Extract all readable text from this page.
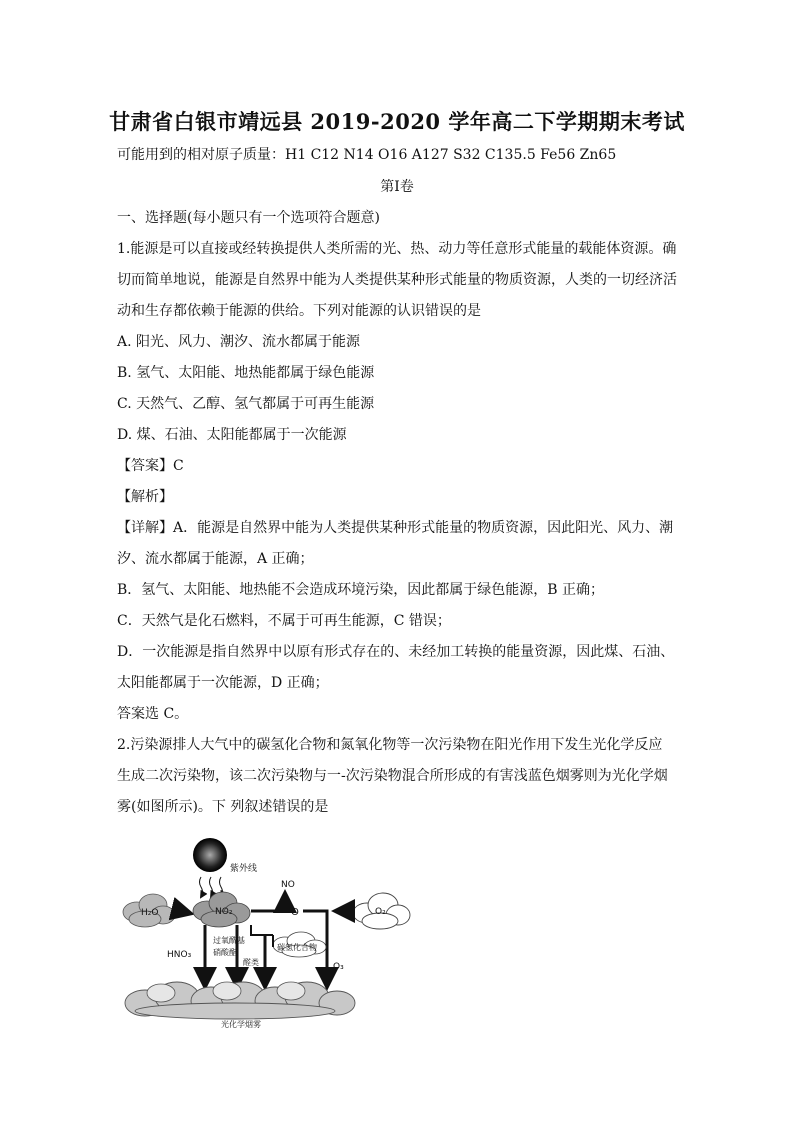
甘肃省白银市靖远县 2019-2020 学年高二下学期期末考试
可能用到的相对原子质量：H1 C12 N14 O16 A127 S32 C135.5 Fe56 Zn65
第Ⅰ卷
一、选择题(每小题只有一个选项符合题意)
1.能源是可以直接或经转换提供人类所需的光、热、动力等任意形式能量的载能体资源。确
切而简单地说，能源是自然界中能为人类提供某种形式能量的物质资源，人类的一切经济活
动和生存都依赖于能源的供给。下列对能源的认识错误的是
A. 阳光、风力、潮汐、流水都属于能源
B. 氢气、太阳能、地热能都属于绿色能源
C. 天然气、乙醇、氢气都属于可再生能源
D. 煤、石油、太阳能都属于一次能源
【答案】C
【解析】
【详解】A．能源是自然界中能为人类提供某种形式能量的物质资源，因此阳光、风力、潮
汐、流水都属于能源，A 正确；
B．氢气、太阳能、地热能不会造成环境污染，因此都属于绿色能源，B 正确；
C．天然气是化石燃料，不属于可再生能源，C 错误；
D．一次能源是指自然界中以原有形式存在的、未经加工转换的能量资源，因此煤、石油、
太阳能都属于一次能源，D 正确；
答案选 C。
2.污染源排人大气中的碳氢化合物和氮氧化物等一次污染物在阳光作用下发生光化学反应
生成二次污染物，该二次污染物与一-次污染物混合所形成的有害浅蓝色烟雾则为光化学烟
雾(如图所示)。下 列叙述错误的是
紫外线
H₂O	NO₂
NO
O	O₂
HNO₃
过氧酰基
硝酸酯
醛类
碳氢化合物
O₃
光化学烟雾
